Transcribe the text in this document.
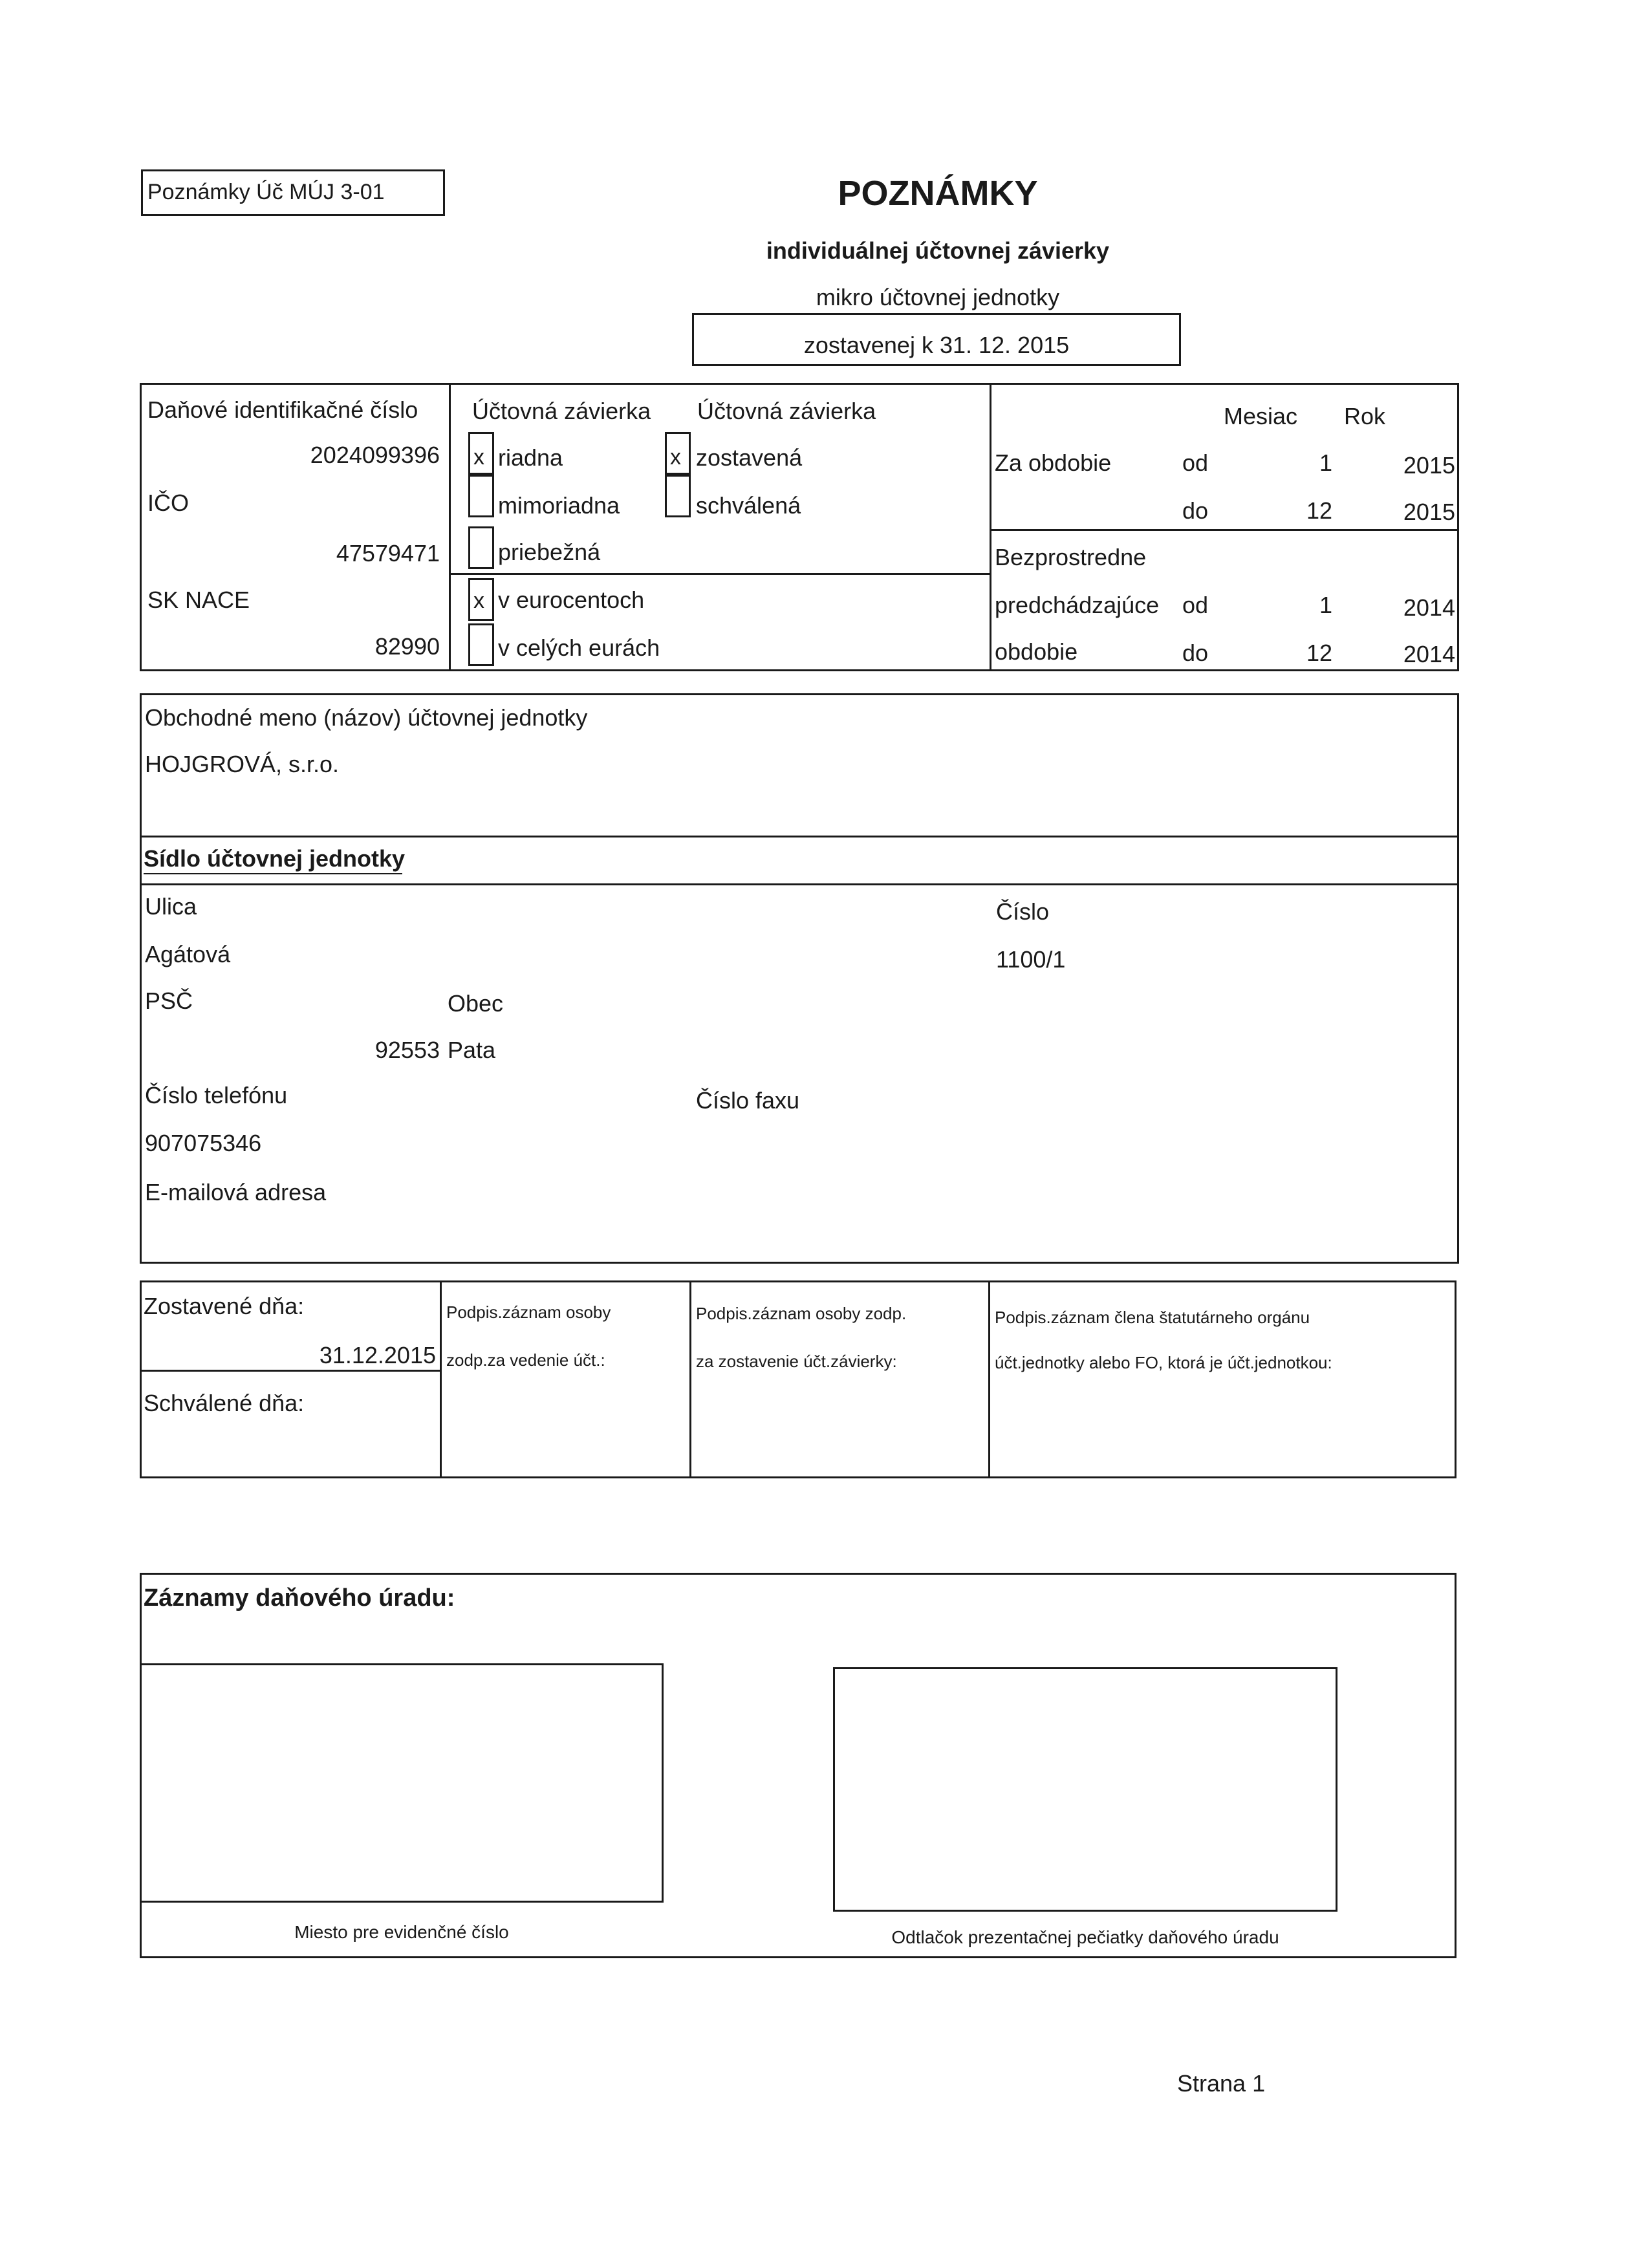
Poznámky Úč MÚJ 3-01	POZNÁMKY
individuálnej účtovnej závierky
mikro účtovnej jednotky
zostavenej k 31. 12. 2015
Daňové identifikačné číslo
2024099396
IČO
47579471
SK NACE
82990
Účtovná závierka
x riadna
mimoriadna
priebežná
Účtovná závierka
x zostavená
schválená
x v eurocentoch
v celých eurách
Mesiac Rok
Za obdobie	od	1	2015
do	12	2015
Bezprostredne
predchádzajúce od	1	2014
obdobie	do	12	2014
Obchodné meno (názov) účtovnej jednotky
HOJGROVÁ, s.r.o.
Sídlo účtovnej jednotky
Ulica
Agátová
Číslo
1100/1
PSČ	Obec
92553 Pata
Číslo telefónu	Číslo faxu
907075346
E-mailová adresa
Zostavené dňa:
31.12.2015
Schválené dňa:
Podpis.záznam osoby
zodp.za vedenie účt.:
Podpis.záznam osoby zodp.
za zostavenie účt.závierky:
Podpis.záznam člena štatutárneho orgánu
účt.jednotky alebo FO, ktorá je účt.jednotkou:
Záznamy daňového úradu:
Miesto pre evidenčné číslo	Odtlačok prezentačnej pečiatky daňového úradu
Strana 1
